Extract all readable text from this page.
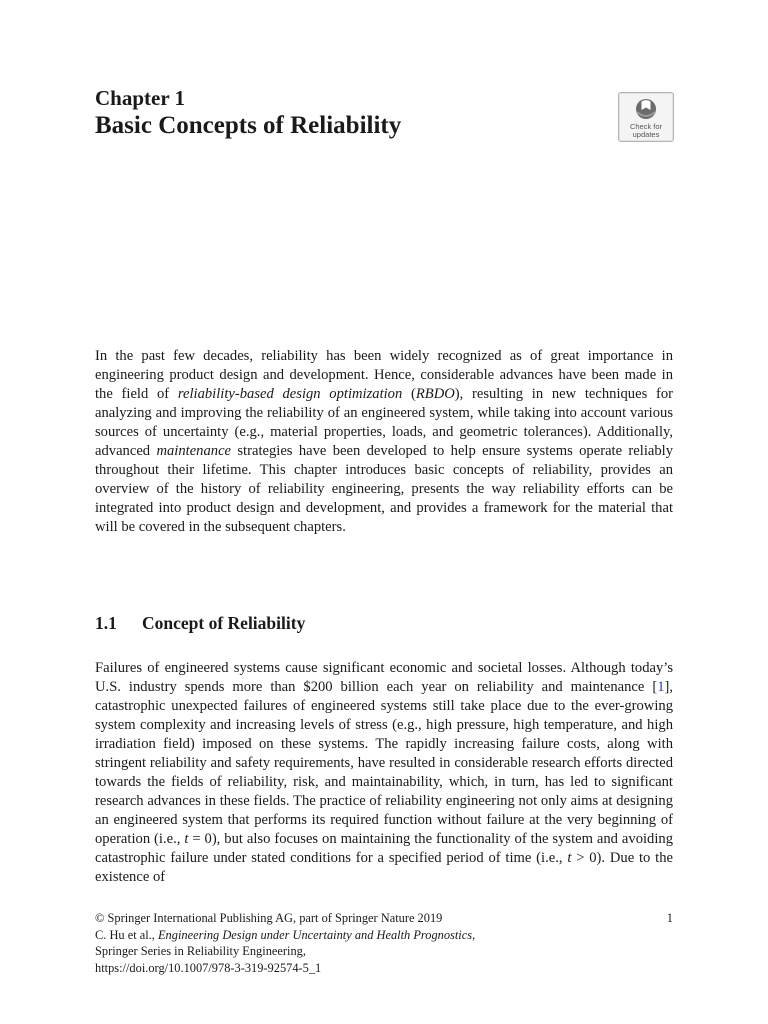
Chapter 1
Basic Concepts of Reliability	Check for
updates

In the past few decades, reliability has been widely recognized as of great importance in engineering product design and development. Hence, considerable advances have been made in the field of reliability-based design optimization (RBDO), resulting in new techniques for analyzing and improving the reliability of an engineered system, while taking into account various sources of uncertainty (e.g., material properties, loads, and geometric tolerances). Additionally, advanced maintenance strategies have been developed to help ensure systems operate reliably throughout their lifetime. This chapter introduces basic concepts of reliability, provides an overview of the history of reliability engineering, presents the way reliability efforts can be integrated into product design and development, and provides a framework for the material that will be covered in the subsequent chapters.

1.1 Concept of Reliability

Failures of engineered systems cause significant economic and societal losses. Although today’s U.S. industry spends more than $200 billion each year on reliability and maintenance [1], catastrophic unexpected failures of engineered systems still take place due to the ever-growing system complexity and increasing levels of stress (e.g., high pressure, high temperature, and high irradiation field) imposed on these systems. The rapidly increasing failure costs, along with stringent reliability and safety requirements, have resulted in considerable research efforts directed towards the fields of reliability, risk, and maintainability, which, in turn, has led to significant research advances in these fields. The practice of reliability engineering not only aims at designing an engineered system that performs its required function without failure at the very beginning of operation (i.e., t = 0), but also focuses on maintaining the functionality of the system and avoiding catastrophic failure under stated conditions for a specified period of time (i.e., t > 0). Due to the existence of

1
© Springer International Publishing AG, part of Springer Nature 2019
C. Hu et al., Engineering Design under Uncertainty and Health Prognostics,
Springer Series in Reliability Engineering,
https://doi.org/10.1007/978-3-319-92574-5_1
